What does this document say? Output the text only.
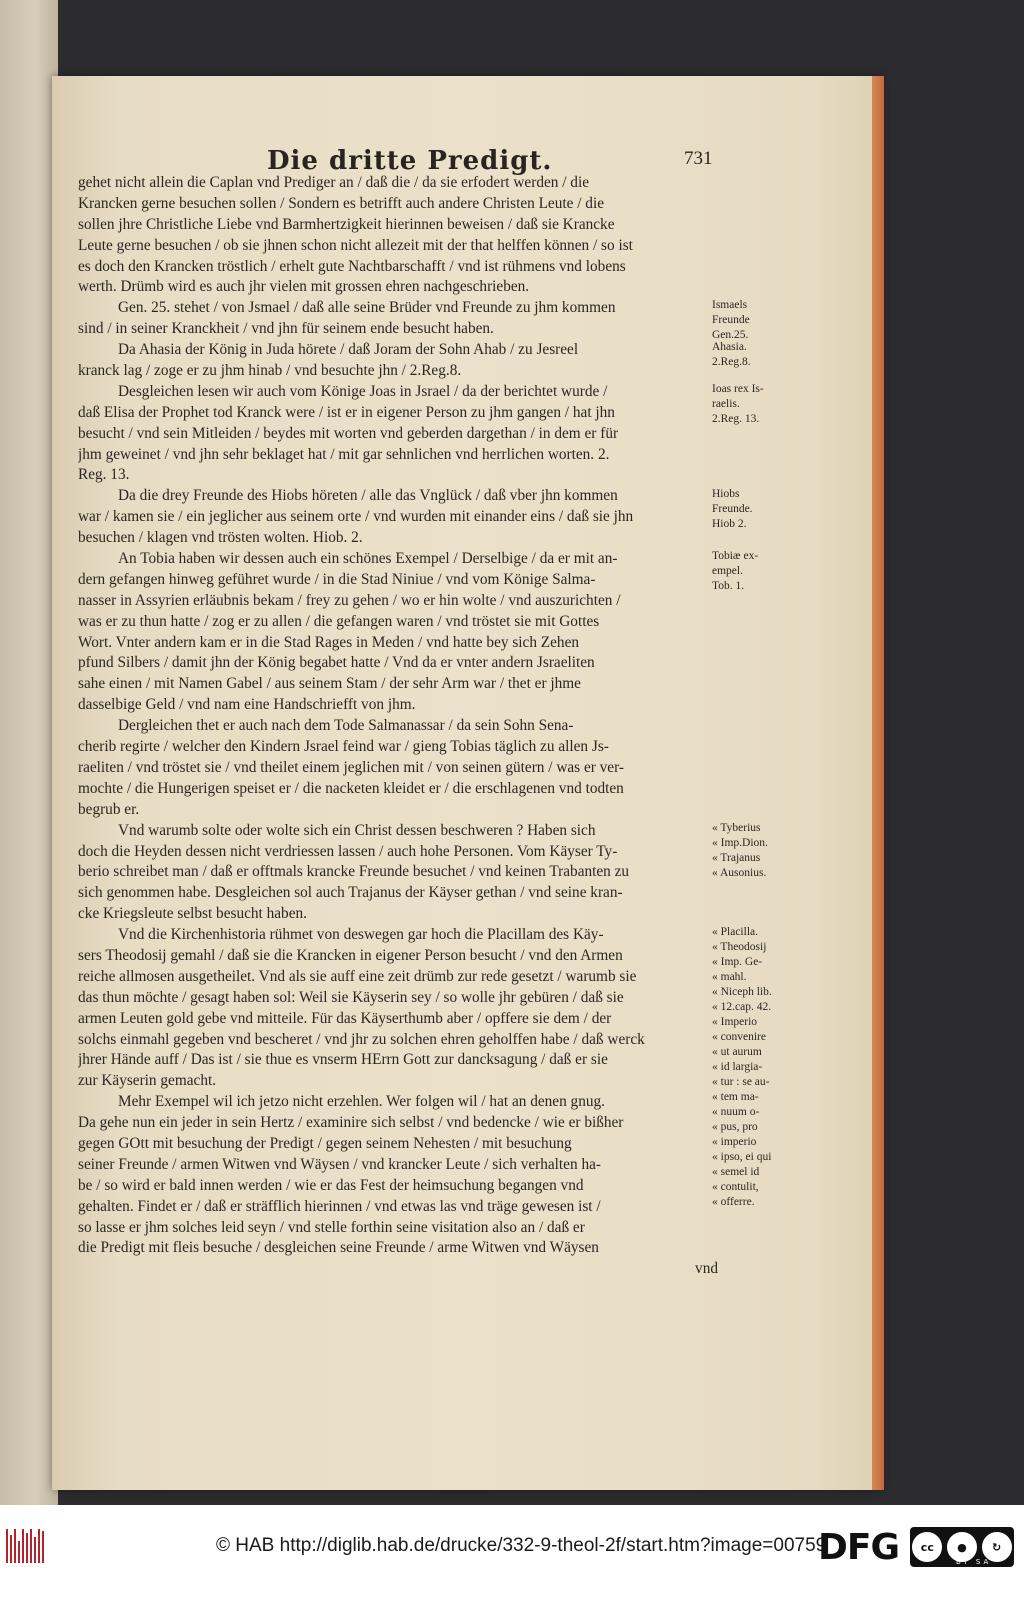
Die dritte Predigt.	731
gehet nicht allein die Caplan vnd Prediger an / daß die / da sie erfodert werden / die
Krancken gerne besuchen sollen / Sondern es betrifft auch andere Christen Leute / die
sollen jhre Christliche Liebe vnd Barmhertzigkeit hierinnen beweisen / daß sie Krancke
Leute gerne besuchen / ob sie jhnen schon nicht allezeit mit der that helffen können / so ist
es doch den Krancken tröstlich / erhelt gute Nachtbarschafft / vnd ist rühmens vnd lobens
werth. Drümb wird es auch jhr vielen mit grossen ehren nachgeschrieben.
Gen. 25. stehet / von Jsmael / daß alle seine Brüder vnd Freunde zu jhm kommen
sind / in seiner Kranckheit / vnd jhn für seinem ende besucht haben.
Da Ahasia der König in Juda hörete / daß Joram der Sohn Ahab / zu Jesreel
kranck lag / zoge er zu jhm hinab / vnd besuchte jhn / 2.Reg.8.
Desgleichen lesen wir auch vom Könige Joas in Jsrael / da der berichtet wurde /
daß Elisa der Prophet tod Kranck were / ist er in eigener Person zu jhm gangen / hat jhn
besucht / vnd sein Mitleiden / beydes mit worten vnd geberden dargethan / in dem er für
jhm geweinet / vnd jhn sehr beklaget hat / mit gar sehnlichen vnd herrlichen worten. 2.
Reg. 13.
Da die drey Freunde des Hiobs höreten / alle das Vnglück / daß vber jhn kommen
war / kamen sie / ein jeglicher aus seinem orte / vnd wurden mit einander eins / daß sie jhn
besuchen / klagen vnd trösten wolten. Hiob. 2.
An Tobia haben wir dessen auch ein schönes Exempel / Derselbige / da er mit an-
dern gefangen hinweg geführet wurde / in die Stad Niniue / vnd vom Könige Salma-
nasser in Assyrien erläubnis bekam / frey zu gehen / wo er hin wolte / vnd auszurichten /
was er zu thun hatte / zog er zu allen / die gefangen waren / vnd tröstet sie mit Gottes
Wort. Vnter andern kam er in die Stad Rages in Meden / vnd hatte bey sich Zehen
pfund Silbers / damit jhn der König begabet hatte / Vnd da er vnter andern Jsraeliten
sahe einen / mit Namen Gabel / aus seinem Stam / der sehr Arm war / thet er jhme
dasselbige Geld / vnd nam eine Handschriefft von jhm.
Dergleichen thet er auch nach dem Tode Salmanassar / da sein Sohn Sena-
cherib regirte / welcher den Kindern Jsrael feind war / gieng Tobias täglich zu allen Js-
raeliten / vnd tröstet sie / vnd theilet einem jeglichen mit / von seinen gütern / was er ver-
mochte / die Hungerigen speiset er / die nacketen kleidet er / die erschlagenen vnd todten
begrub er.
Vnd warumb solte oder wolte sich ein Christ dessen beschweren ? Haben sich
doch die Heyden dessen nicht verdriessen lassen / auch hohe Personen. Vom Käyser Ty-
berio schreibet man / daß er offtmals krancke Freunde besuchet / vnd keinen Trabanten zu
sich genommen habe. Desgleichen sol auch Trajanus der Käyser gethan / vnd seine kran-
cke Kriegsleute selbst besucht haben.
Vnd die Kirchenhistoria rühmet von deswegen gar hoch die Placillam des Käy-
sers Theodosij gemahl / daß sie die Krancken in eigener Person besucht / vnd den Armen
reiche allmosen ausgetheilet. Vnd als sie auff eine zeit drümb zur rede gesetzt / warumb sie
das thun möchte / gesagt haben sol: Weil sie Käyserin sey / so wolle jhr gebüren / daß sie
armen Leuten gold gebe vnd mitteile. Für das Käyserthumb aber / opffere sie dem / der
solchs einmahl gegeben vnd bescheret / vnd jhr zu solchen ehren geholffen habe / daß werck
jhrer Hände auff / Das ist / sie thue es vnserm HErrn Gott zur dancksagung / daß er sie
zur Käyserin gemacht.
Mehr Exempel wil ich jetzo nicht erzehlen. Wer folgen wil / hat an denen gnug.
Da gehe nun ein jeder in sein Hertz / examinire sich selbst / vnd bedencke / wie er bißher
gegen GOtt mit besuchung der Predigt / gegen seinem Nehesten / mit besuchung
seiner Freunde / armen Witwen vnd Wäysen / vnd krancker Leute / sich verhalten ha-
be / so wird er bald innen werden / wie er das Fest der heimsuchung begangen vnd
gehalten. Findet er / daß er sträfflich hierinnen / vnd etwas las vnd träge gewesen ist /
so lasse er jhm solches leid seyn / vnd stelle forthin seine visitation also an / daß er
die Predigt mit fleis besuche / desgleichen seine Freunde / arme Witwen vnd Wäysen
vnd
Ismaels
Freunde
Gen.25.
Ahasia.
2.Reg.8.
Ioas rex Is-
raelis.
2.Reg. 13.
Hiobs
Freunde.
Hiob 2.
Tobiæ ex-
empel.
Tob. 1.
« Tyberius
« Imp.Dion.
« Trajanus
« Ausonius.
« Placilla.
« Theodosij
« Imp. Ge-
« mahl.
« Niceph lib.
« 12.cap. 42.
« Imperio
« convenire
« ut aurum
« id largia-
« tur : se au-
« tem ma-
« nuum o-
« pus, pro
« imperio
« ipso, ei qui
« semel id
« contulit,
« offerre.
© HAB http://diglib.hab.de/drucke/332-9-theol-2f/start.htm?image=00759
DFG	cc	●	↻
BY SA
